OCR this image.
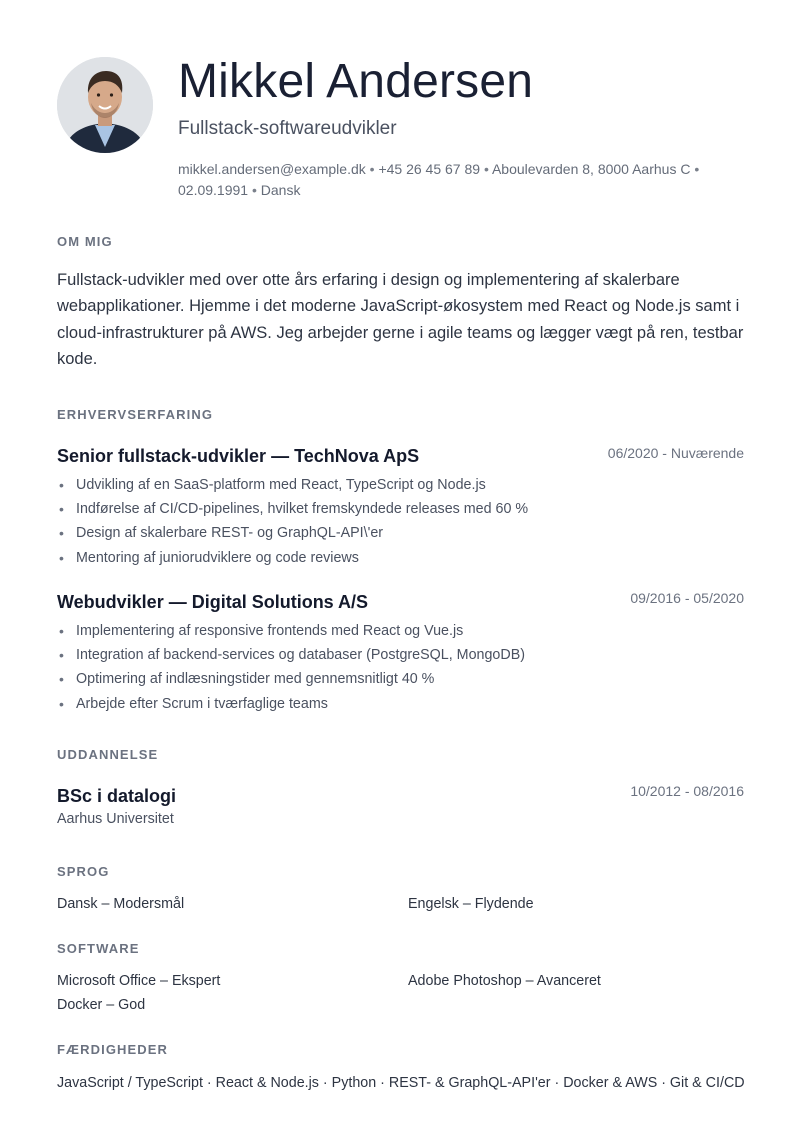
Mikkel Andersen
Fullstack-softwareudvikler
mikkel.andersen@example.dk • +45 26 45 67 89 • Aboulevarden 8, 8000 Aarhus C • 02.09.1991 • Dansk
OM MIG

Fullstack-udvikler med over otte års erfaring i design og implementering af skalerbare webapplikationer. Hjemme i det moderne JavaScript-økosystem med React og Node.js samt i cloud-infrastrukturer på AWS. Jeg arbejder gerne i agile teams og lægger vægt på ren, testbar kode.

ERHVERVSERFARING
Senior fullstack-udvikler — TechNova ApS	06/2020 - Nuværende
• Udvikling af en SaaS-platform med React, TypeScript og Node.js
• Indførelse af CI/CD-pipelines, hvilket fremskyndede releases med 60 %
• Design af skalerbare REST- og GraphQL-API\'er
• Mentoring af juniorudviklere og code reviews
Webudvikler — Digital Solutions A/S	09/2016 - 05/2020
• Implementering af responsive frontends med React og Vue.js
• Integration af backend-services og databaser (PostgreSQL, MongoDB)
• Optimering af indlæsningstider med gennemsnitligt 40 %
• Arbejde efter Scrum i tværfaglige teams
UDDANNELSE
BSc i datalogi	10/2012 - 08/2016
Aarhus Universitet
SPROG
Dansk – Modersmål	Engelsk – Flydende
SOFTWARE
Microsoft Office – Ekspert	Adobe Photoshop – Avanceret
Docker – God
FÆRDIGHEDER
JavaScript / TypeScript · React & Node.js · Python · REST- & GraphQL-API'er · Docker & AWS · Git & CI/CD
